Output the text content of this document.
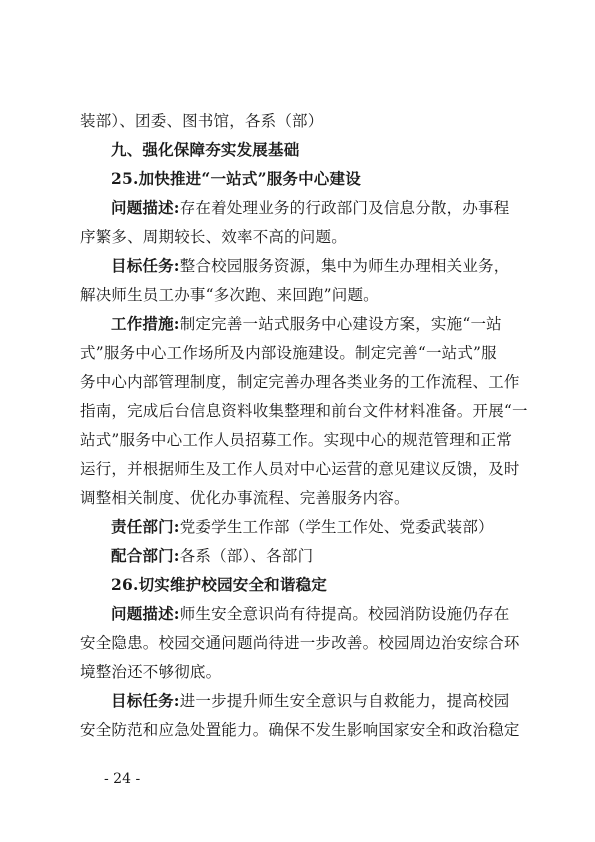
装部）、团委、图书馆，各系（部）
九、强化保障夯实发展基础
25.加快推进“一站式”服务中心建设
问题描述:存在着处理业务的行政部门及信息分散，办事程
序繁多、周期较长、效率不高的问题。
目标任务:整合校园服务资源，集中为师生办理相关业务，
解决师生员工办事“多次跑、来回跑”问题。
工作措施:制定完善一站式服务中心建设方案，实施“一站
式”服务中心工作场所及内部设施建设。制定完善“一站式”服
务中心内部管理制度，制定完善办理各类业务的工作流程、工作
指南，完成后台信息资料收集整理和前台文件材料准备。开展“一
站式”服务中心工作人员招募工作。实现中心的规范管理和正常
运行，并根据师生及工作人员对中心运营的意见建议反馈，及时
调整相关制度、优化办事流程、完善服务内容。
责任部门:党委学生工作部（学生工作处、党委武装部）
配合部门:各系（部）、各部门
26.切实维护校园安全和谐稳定
问题描述:师生安全意识尚有待提高。校园消防设施仍存在
安全隐患。校园交通问题尚待进一步改善。校园周边治安综合环
境整治还不够彻底。
目标任务:进一步提升师生安全意识与自救能力，提高校园
安全防范和应急处置能力。确保不发生影响国家安全和政治稳定
- 24 -
